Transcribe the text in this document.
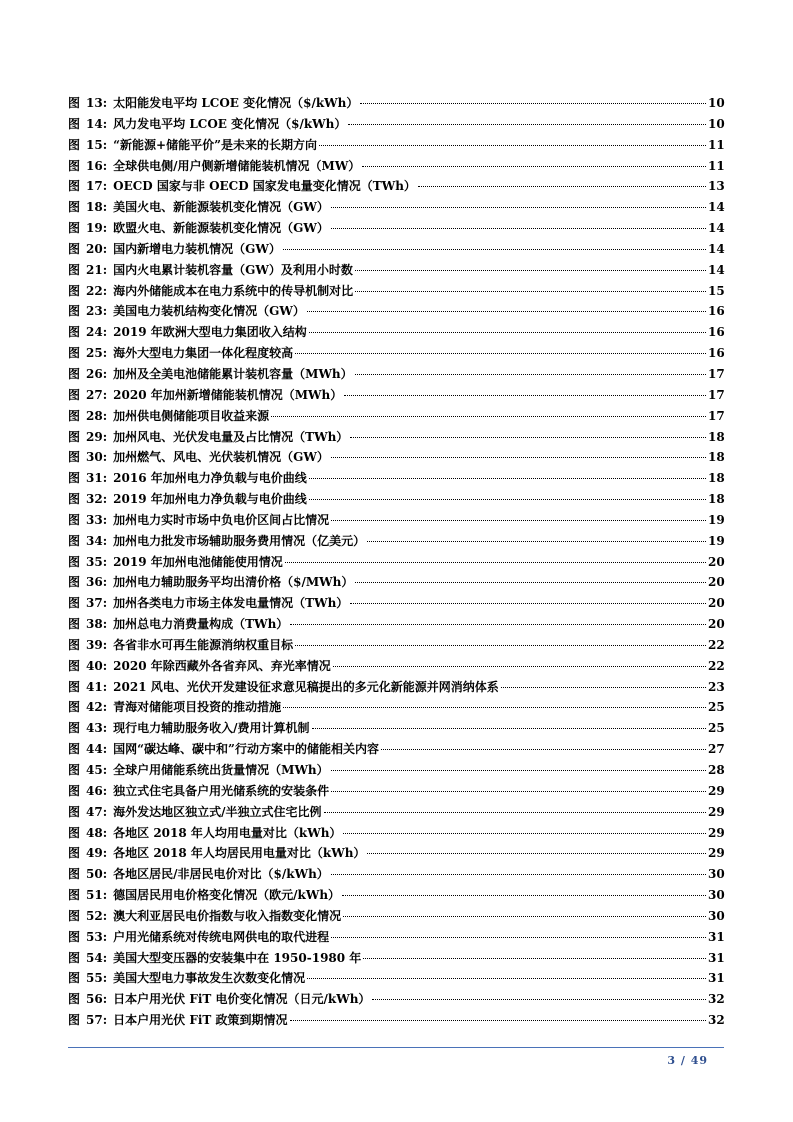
图 13: 太阳能发电平均 LCOE 变化情况（$/kWh）	10
图 14: 风力发电平均 LCOE 变化情况（$/kWh）	10
图 15: “新能源+储能平价”是未来的长期方向	11
图 16: 全球供电侧/用户侧新增储能装机情况（MW）	11
图 17: OECD 国家与非 OECD 国家发电量变化情况（TWh）	13
图 18: 美国火电、新能源装机变化情况（GW）	14
图 19: 欧盟火电、新能源装机变化情况（GW）	14
图 20: 国内新增电力装机情况（GW）	14
图 21: 国内火电累计装机容量（GW）及利用小时数	14
图 22: 海内外储能成本在电力系统中的传导机制对比	15
图 23: 美国电力装机结构变化情况（GW）	16
图 24: 2019 年欧洲大型电力集团收入结构	16
图 25: 海外大型电力集团一体化程度较高	16
图 26: 加州及全美电池储能累计装机容量（MWh）	17
图 27: 2020 年加州新增储能装机情况（MWh）	17
图 28: 加州供电侧储能项目收益来源	17
图 29: 加州风电、光伏发电量及占比情况（TWh）	18
图 30: 加州燃气、风电、光伏装机情况（GW）	18
图 31: 2016 年加州电力净负载与电价曲线	18
图 32: 2019 年加州电力净负载与电价曲线	18
图 33: 加州电力实时市场中负电价区间占比情况	19
图 34: 加州电力批发市场辅助服务费用情况（亿美元）	19
图 35: 2019 年加州电池储能使用情况	20
图 36: 加州电力辅助服务平均出清价格（$/MWh）	20
图 37: 加州各类电力市场主体发电量情况（TWh）	20
图 38: 加州总电力消费量构成（TWh）	20
图 39: 各省非水可再生能源消纳权重目标	22
图 40: 2020 年除西藏外各省弃风、弃光率情况	22
图 41: 2021 风电、光伏开发建设征求意见稿提出的多元化新能源并网消纳体系	23
图 42: 青海对储能项目投资的推动措施	25
图 43: 现行电力辅助服务收入/费用计算机制	25
图 44: 国网“碳达峰、碳中和”行动方案中的储能相关内容	27
图 45: 全球户用储能系统出货量情况（MWh）	28
图 46: 独立式住宅具备户用光储系统的安装条件	29
图 47: 海外发达地区独立式/半独立式住宅比例	29
图 48: 各地区 2018 年人均用电量对比（kWh）	29
图 49: 各地区 2018 年人均居民用电量对比（kWh）	29
图 50: 各地区居民/非居民电价对比（$/kWh）	30
图 51: 德国居民用电价格变化情况（欧元/kWh）	30
图 52: 澳大利亚居民电价指数与收入指数变化情况	30
图 53: 户用光储系统对传统电网供电的取代进程	31
图 54: 美国大型变压器的安装集中在 1950-1980 年	31
图 55: 美国大型电力事故发生次数变化情况	31
图 56: 日本户用光伏 FiT 电价变化情况（日元/kWh）	32
图 57: 日本户用光伏 FiT 政策到期情况	32
3 / 49
